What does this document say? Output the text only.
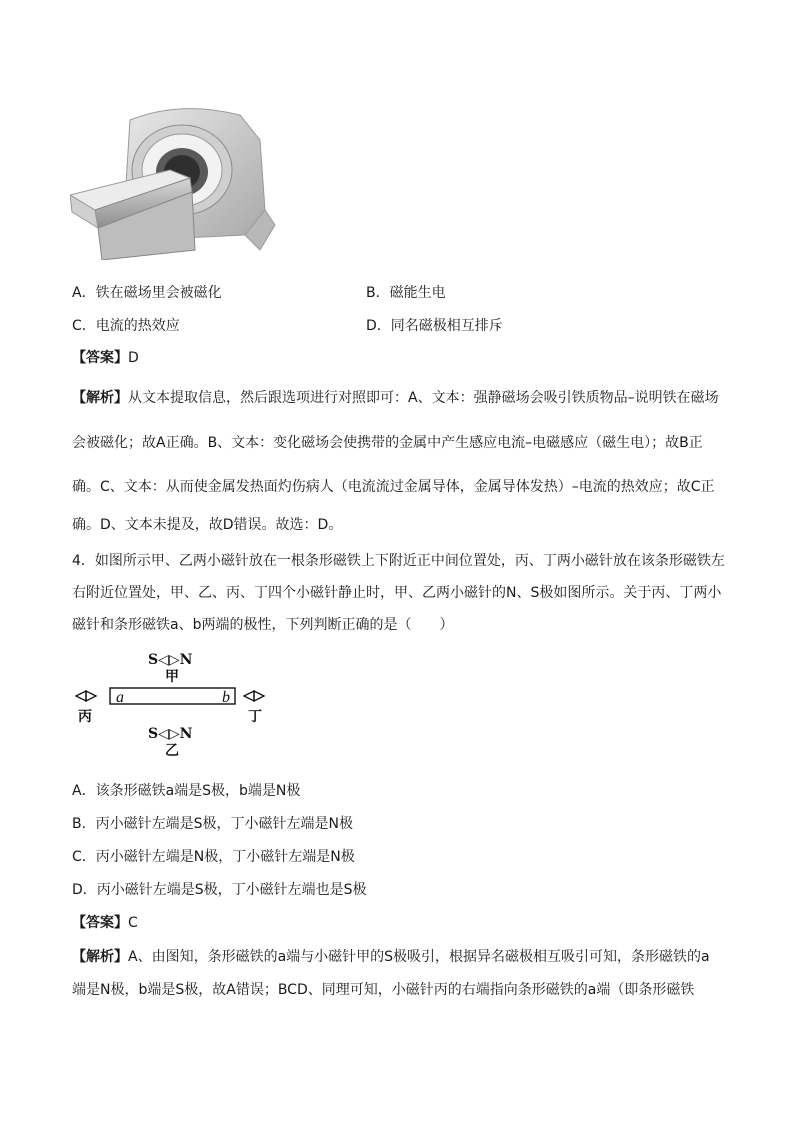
A．铁在磁场里会被磁化	B．磁能生电
C．电流的热效应	D．同名磁极相互排斥
【答案】D
【解析】从文本提取信息，然后跟选项进行对照即可：A、文本：强静磁场会吸引铁质物品–说明铁在磁场
会被磁化；故A正确。B、文本：变化磁场会使携带的金属中产生感应电流–电磁感应（磁生电）；故B正
确。C、文本：从而使金属发热面灼伤病人（电流流过金属导体，金属导体发热）–电流的热效应；故C正
确。D、文本未提及，故D错误。故选：D。
4．如图所示甲、乙两小磁针放在一根条形磁铁上下附近正中间位置处，丙、丁两小磁针放在该条形磁铁左
右附近位置处，甲、乙、丙、丁四个小磁针静止时，甲、乙两小磁针的N、S极如图所示。关于丙、丁两小
磁针和条形磁铁a、b两端的极性，下列判断正确的是（　　）
S◁▷N
甲
a	b
丙	丁
S◁▷N
乙
A．该条形磁铁a端是S极，b端是N极
B．丙小磁针左端是S极，丁小磁针左端是N极
C．丙小磁针左端是N极，丁小磁针左端是N极
D．丙小磁针左端是S极，丁小磁针左端也是S极
【答案】C
【解析】A、由图知，条形磁铁的a端与小磁针甲的S极吸引，根据异名磁极相互吸引可知，条形磁铁的a
端是N极，b端是S极，故A错误；BCD、同理可知，小磁针丙的右端指向条形磁铁的a端（即条形磁铁
